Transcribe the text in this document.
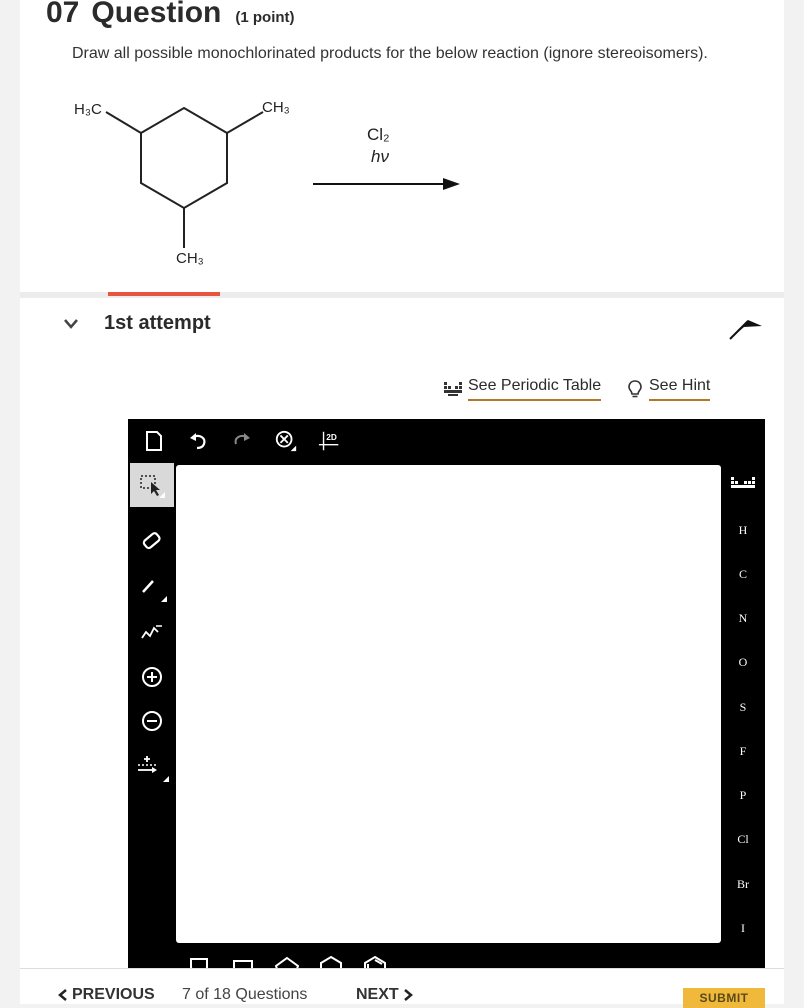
07 Question (1 point)
Draw all possible monochlorinated products for the below reaction (ignore stereoisomers).
H₃C	CH₃
CH₃
Cl₂
hν
1st attempt
See Periodic Table	See Hint
2D
H
C
N
O
S
F
P
Cl
Br
I
PREVIOUS 7 of 18 Questions	NEXT	SUBMIT
